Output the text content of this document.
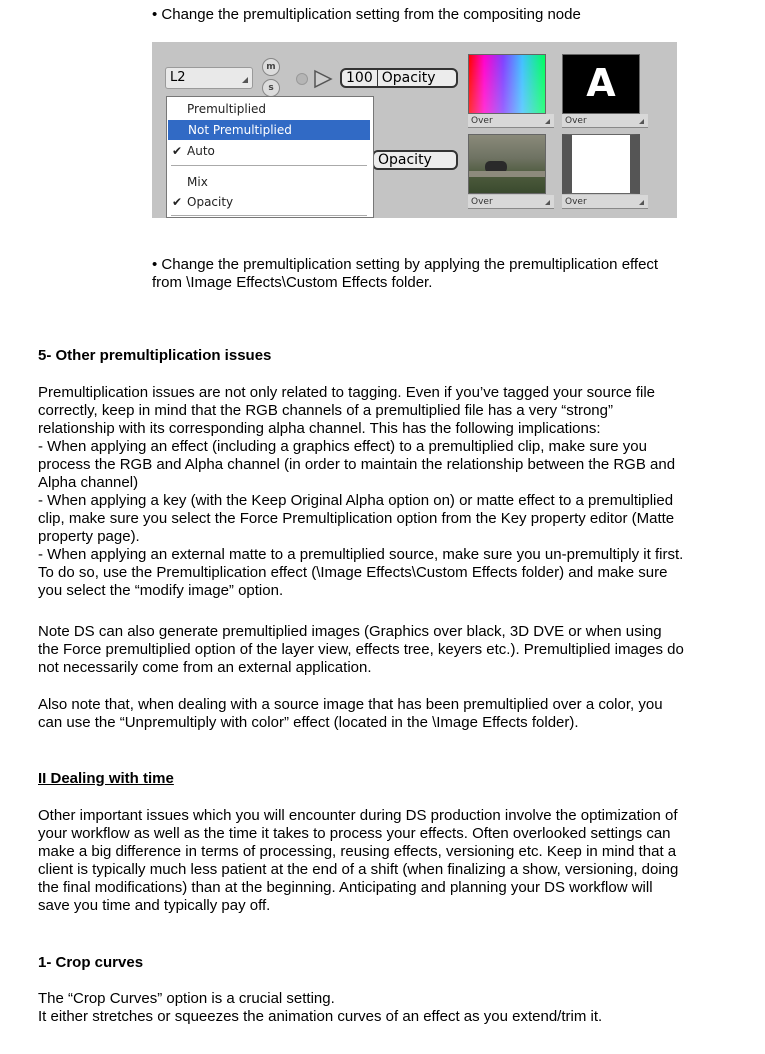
• Change the premultiplication setting from the compositing node
L2
m
s
100 Opacity
Opacity
A
Over	Over
Over	Over
Premultiplied
Not Premultiplied
✔ Auto
Mix
✔ Opacity
• Change the premultiplication setting by applying the premultiplication effect
from \Image Effects\Custom Effects folder.
5- Other premultiplication issues
Premultiplication issues are not only related to tagging. Even if you’ve tagged your source file
correctly, keep in mind that the RGB channels of a premultiplied file has a very “strong”
relationship with its corresponding alpha channel. This has the following implications:
- When applying an effect (including a graphics effect) to a premultiplied clip, make sure you
process the RGB and Alpha channel (in order to maintain the relationship between the RGB and
Alpha channel)
- When applying a key (with the Keep Original Alpha option on) or matte effect to a premultiplied
clip, make sure you select the Force Premultiplication option from the Key property editor (Matte
property page).
- When applying an external matte to a premultiplied source, make sure you un-premultiply it first.
To do so, use the Premultiplication effect (\Image Effects\Custom Effects folder) and make sure
you select the “modify image” option.
Note DS can also generate premultiplied images (Graphics over black, 3D DVE or when using
the Force premultiplied option of the layer view, effects tree, keyers etc.). Premultiplied images do
not necessarily come from an external application.
Also note that, when dealing with a source image that has been premultiplied over a color, you
can use the “Unpremultiply with color” effect (located in the \Image Effects folder).
II Dealing with time
Other important issues which you will encounter during DS production involve the optimization of
your workflow as well as the time it takes to process your effects. Often overlooked settings can
make a big difference in terms of processing, reusing effects, versioning etc. Keep in mind that a
client is typically much less patient at the end of a shift (when finalizing a show, versioning, doing
the final modifications) than at the beginning. Anticipating and planning your DS workflow will
save you time and typically pay off.
1- Crop curves
The “Crop Curves” option is a crucial setting.
It either stretches or squeezes the animation curves of an effect as you extend/trim it.
